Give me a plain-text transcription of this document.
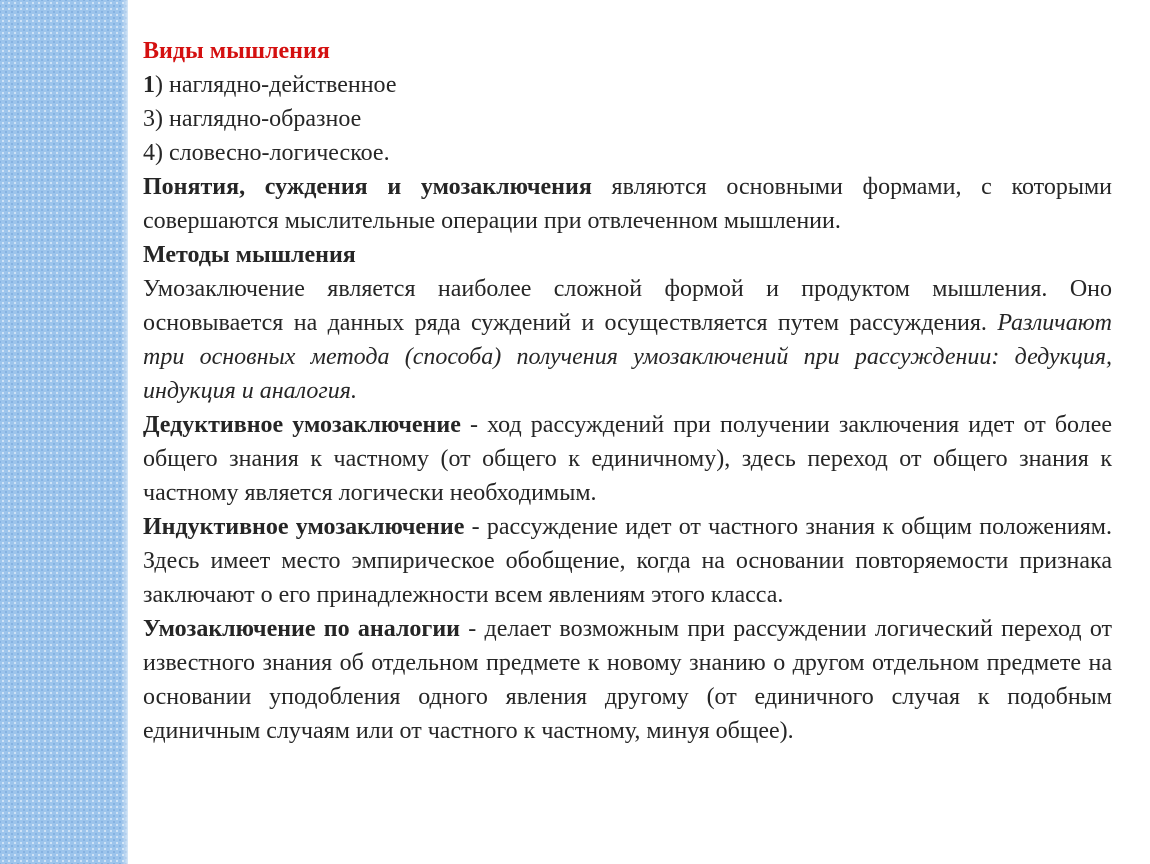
Виды мышления

1) наглядно-действенное

3) наглядно-образное

4) словесно-логическое.

Понятия, суждения и умозаключения являются основными формами, с которыми совершаются мыслительные операции при отвлеченном мышлении.

Методы мышления

Умозаключение является наиболее сложной формой и продуктом мышления. Оно основывается на данных ряда суждений и осуществляется путем рассуждения. Различают три основных метода (способа) получения умозаключений при рассуждении: дедукция, индукция и аналогия.

Дедуктивное умозаключение - ход рассуждений при получении заключения идет от более общего знания к частному (от общего к единичному), здесь переход от общего знания к частному является логически необходимым.

Индуктивное умозаключение - рассуждение идет от частного знания к общим положениям. Здесь имеет место эмпирическое обобщение, когда на основании повторяемости признака заключают о его принадлежности всем явлениям этого класса.

Умозаключение по аналогии - делает возможным при рассуждении логический переход от известного знания об отдельном предмете к новому знанию о другом отдельном предмете на основании уподобления одного явления другому (от единичного случая к подобным единичным случаям или от частного к частному, минуя общее).
